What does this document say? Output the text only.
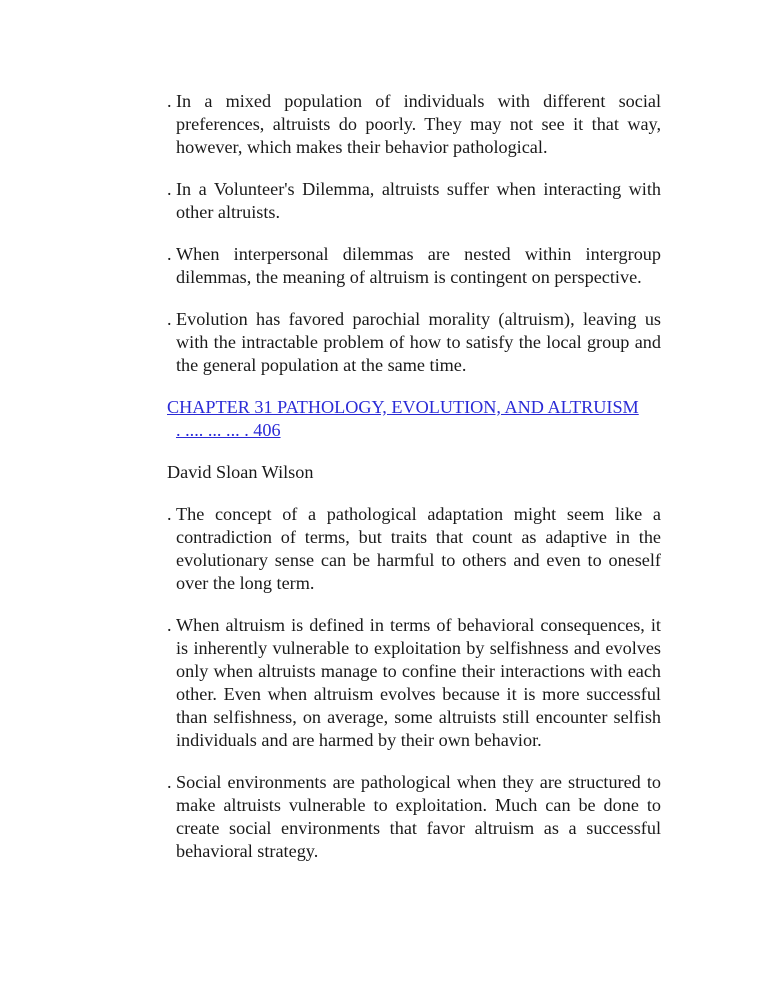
. In a mixed population of individuals with different social preferences, altruists do poorly. They may not see it that way, however, which makes their behavior pathological.
. In a Volunteer's Dilemma, altruists suffer when interacting with other altruists.
. When interpersonal dilemmas are nested within intergroup dilemmas, the meaning of altruism is contingent on perspective.
. Evolution has favored parochial morality (altruism), leaving us with the intractable problem of how to satisfy the local group and the general population at the same time.
CHAPTER 31 PATHOLOGY, EVOLUTION, AND ALTRUISM
. .... ... ... . 406
David Sloan Wilson
. The concept of a pathological adaptation might seem like a contradiction of terms, but traits that count as adaptive in the evolutionary sense can be harmful to others and even to oneself over the long term.
. When altruism is defined in terms of behavioral consequences, it is inherently vulnerable to exploitation by selfishness and evolves only when altruists manage to confine their interactions with each other. Even when altruism evolves because it is more successful than selfishness, on average, some altruists still encounter selfish individuals and are harmed by their own behavior.
. Social environments are pathological when they are structured to make altruists vulnerable to exploitation. Much can be done to create social environments that favor altruism as a successful behavioral strategy.
